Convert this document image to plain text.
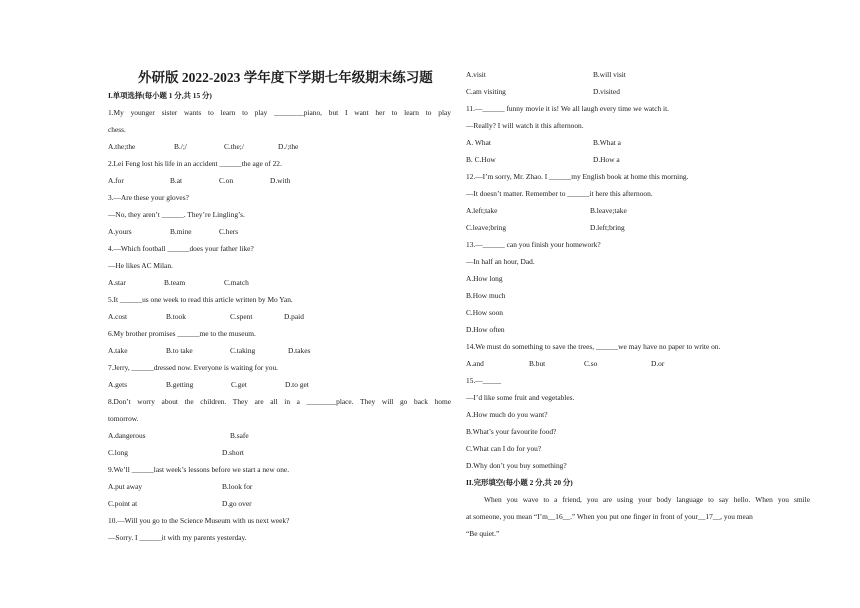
外研版 2022-2023 学年度下学期七年级期末练习题
I.单项选择(每小题 1 分,共 15 分)
1.My younger sister wants to learn to play ________piano, but I want her to learn to play
chess.
A.the;the	B./;/	C.the;/	D./;the
2.Lei Feng lost his life in an accident ______the age of 22.
A.for	B.at	C.on	D.with
3.—Are these your gloves?
—No, they aren’t ______. They’re Lingling’s.
A.yours	B.mine	C.hers
4.—Which football ______does your father like?
—He likes AC Milan.
A.star	B.team	C.match
5.It ______us one week to read this article written by Mo Yan.
A.cost	B.took	C.spent	D.paid
6.My brother promises ______me to the museum.
A.take	B.to take	C.taking	D.takes
7.Jerry, ______dressed now. Everyone is waiting for you.
A.gets	B.getting	C.get	D.to get
8.Don’t worry about the children. They are all in a ________place. They will go back home
tomorrow.
A.dangerous	B.safe
C.long	D.short
9.We’ll ______last week’s lessons before we start a new one.
A.put away	B.look for
C.point at	D.go over
10.—Will you go to the Science Museum with us next week?
—Sorry. I ______it with my parents yesterday.
A.visit	B.will visit
C.am visiting	D.visited
11.—______ funny movie it is! We all laugh every time we watch it.
—Really? I will watch it this afternoon.
A. What	B.What a
B. C.How	D.How a
12.—I’m sorry, Mr. Zhao. I ______my English book at home this morning.
—It doesn’t matter. Remember to ______it here this afternoon.
A.left;take	B.leave;take
C.leave;bring	D.left;bring
13.—______ can you finish your homework?
—In half an hour, Dad.
A.How long
B.How much
C.How soon
D.How often
14.We must do something to save the trees, ______we may have no paper to write on.
A.and	B.but	C.so	D.or
15.—_____
—I’d like some fruit and vegetables.
A.How much do you want?
B.What’s your favourite food?
C.What can I do for you?
D.Why don’t you buy something?
II.完形填空(每小题 2 分,共 20 分)
When you wave to a friend, you are using your body language to say hello. When you smile
at someone, you mean “I’m__16__.” When you put one finger in front of your__17__, you mean
“Be quiet.”
